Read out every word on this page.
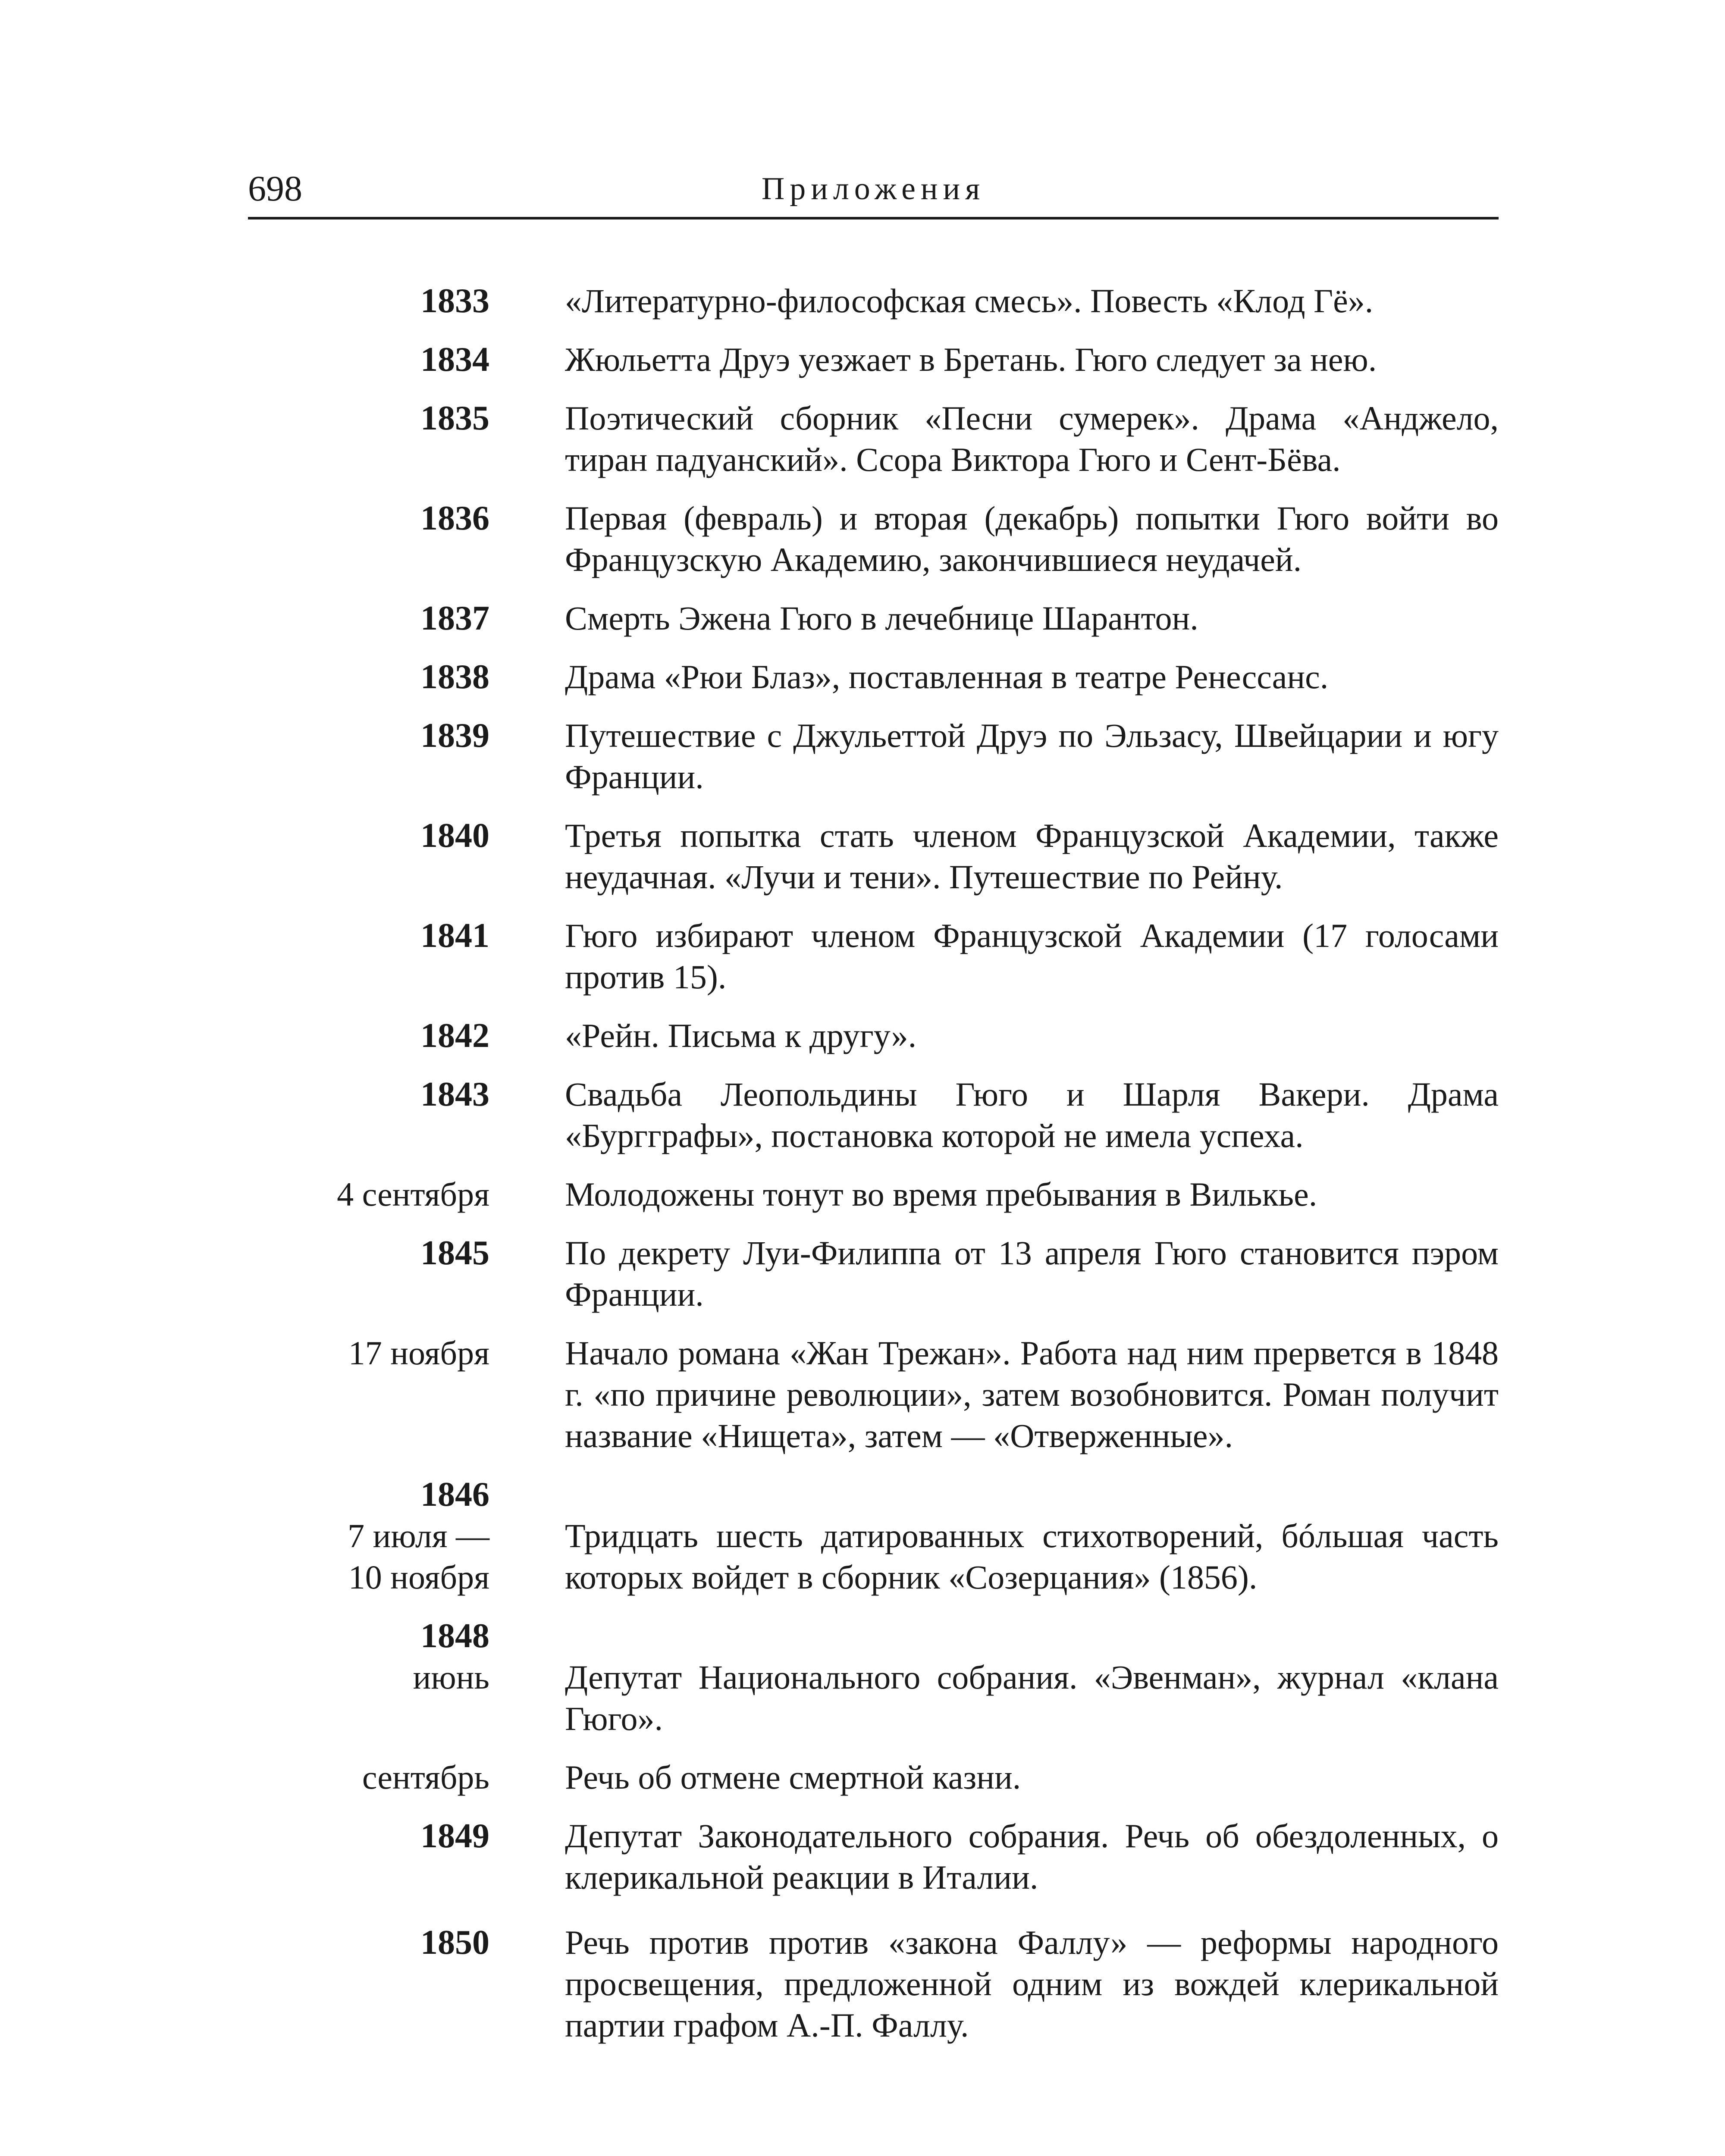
698	Приложения
1833 «Литературно-философская смесь». Повесть «Клод Гё».
1834 Жюльетта Друэ уезжает в Бретань. Гюго следует за нею.
1835 Поэтический сборник «Песни сумерек». Драма «Анджело, тиран падуанский». Ссора Виктора Гюго и Сент-Бёва.
1836 Первая (февраль) и вторая (декабрь) попытки Гюго войти во Французскую Академию, закончившиеся неудачей.
1837 Смерть Эжена Гюго в лечебнице Шарантон.
1838 Драма «Рюи Блаз», поставленная в театре Ренессанс.
1839 Путешествие с Джульеттой Друэ по Эльзасу, Швейцарии и югу Франции.
1840 Третья попытка стать членом Французской Академии, также неудачная. «Лучи и тени». Путешествие по Рейну.
1841 Гюго избирают членом Французской Академии (17 голосами против 15).
1842 «Рейн. Письма к другу».
1843 Свадьба Леопольдины Гюго и Шарля Вакери. Драма «Бургграфы», постановка которой не имела успеха.
4 сентября Молодожены тонут во время пребывания в Вилькье.
1845 По декрету Луи-Филиппа от 13 апреля Гюго становится пэром Франции.
17 ноября Начало романа «Жан Трежан». Работа над ним прервется в 1848 г. «по причине революции», затем возобновится. Роман получит название «Нищета», затем — «Отверженные».
1846
7 июля —
10 ноября
Тридцать шесть датированных стихотворений, бóльшая часть которых войдет в сборник «Созерцания» (1856).
1848
июнь Депутат Национального собрания. «Эвенман», журнал «клана Гюго».
сентябрь Речь об отмене смертной казни.
1849 Депутат Законодательного собрания. Речь об обездоленных, о клерикальной реакции в Италии.
1850 Речь против против «закона Фаллу» — реформы народного просвещения, предложенной одним из вождей клерикальной партии графом А.-П. Фаллу.
